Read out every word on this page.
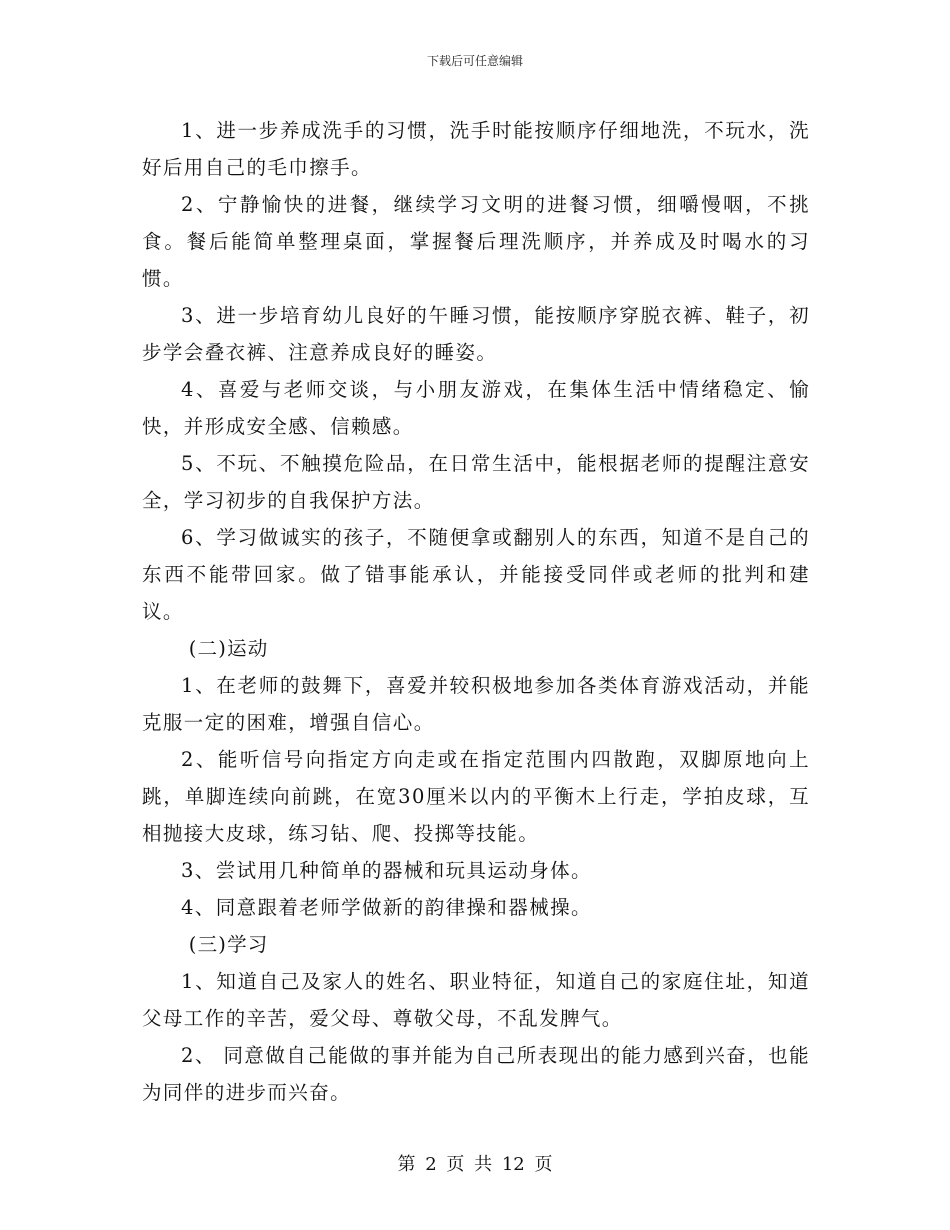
下载后可任意编辑

1、进一步养成洗手的习惯，洗手时能按顺序仔细地洗，不玩水，洗好后用自己的毛巾擦手。

2、宁静愉快的进餐，继续学习文明的进餐习惯，细嚼慢咽，不挑食。餐后能简单整理桌面，掌握餐后理洗顺序，并养成及时喝水的习惯。

3、进一步培育幼儿良好的午睡习惯，能按顺序穿脱衣裤、鞋子，初步学会叠衣裤、注意养成良好的睡姿。

4、喜爱与老师交谈，与小朋友游戏，在集体生活中情绪稳定、愉快，并形成安全感、信赖感。

5、不玩、不触摸危险品，在日常生活中，能根据老师的提醒注意安全，学习初步的自我保护方法。

6、学习做诚实的孩子，不随便拿或翻别人的东西，知道不是自己的东西不能带回家。做了错事能承认，并能接受同伴或老师的批判和建议。

(二)运动

1、在老师的鼓舞下，喜爱并较积极地参加各类体育游戏活动，并能克服一定的困难，增强自信心。

2、能听信号向指定方向走或在指定范围内四散跑，双脚原地向上跳，单脚连续向前跳，在宽30厘米以内的平衡木上行走，学拍皮球，互相抛接大皮球，练习钻、爬、投掷等技能。

3、尝试用几种简单的器械和玩具运动身体。

4、同意跟着老师学做新的韵律操和器械操。

(三)学习

1、知道自己及家人的姓名、职业特征，知道自己的家庭住址，知道父母工作的辛苦，爱父母、尊敬父母，不乱发脾气。

2、 同意做自己能做的事并能为自己所表现出的能力感到兴奋，也能为同伴的进步而兴奋。

第 2 页 共 12 页
